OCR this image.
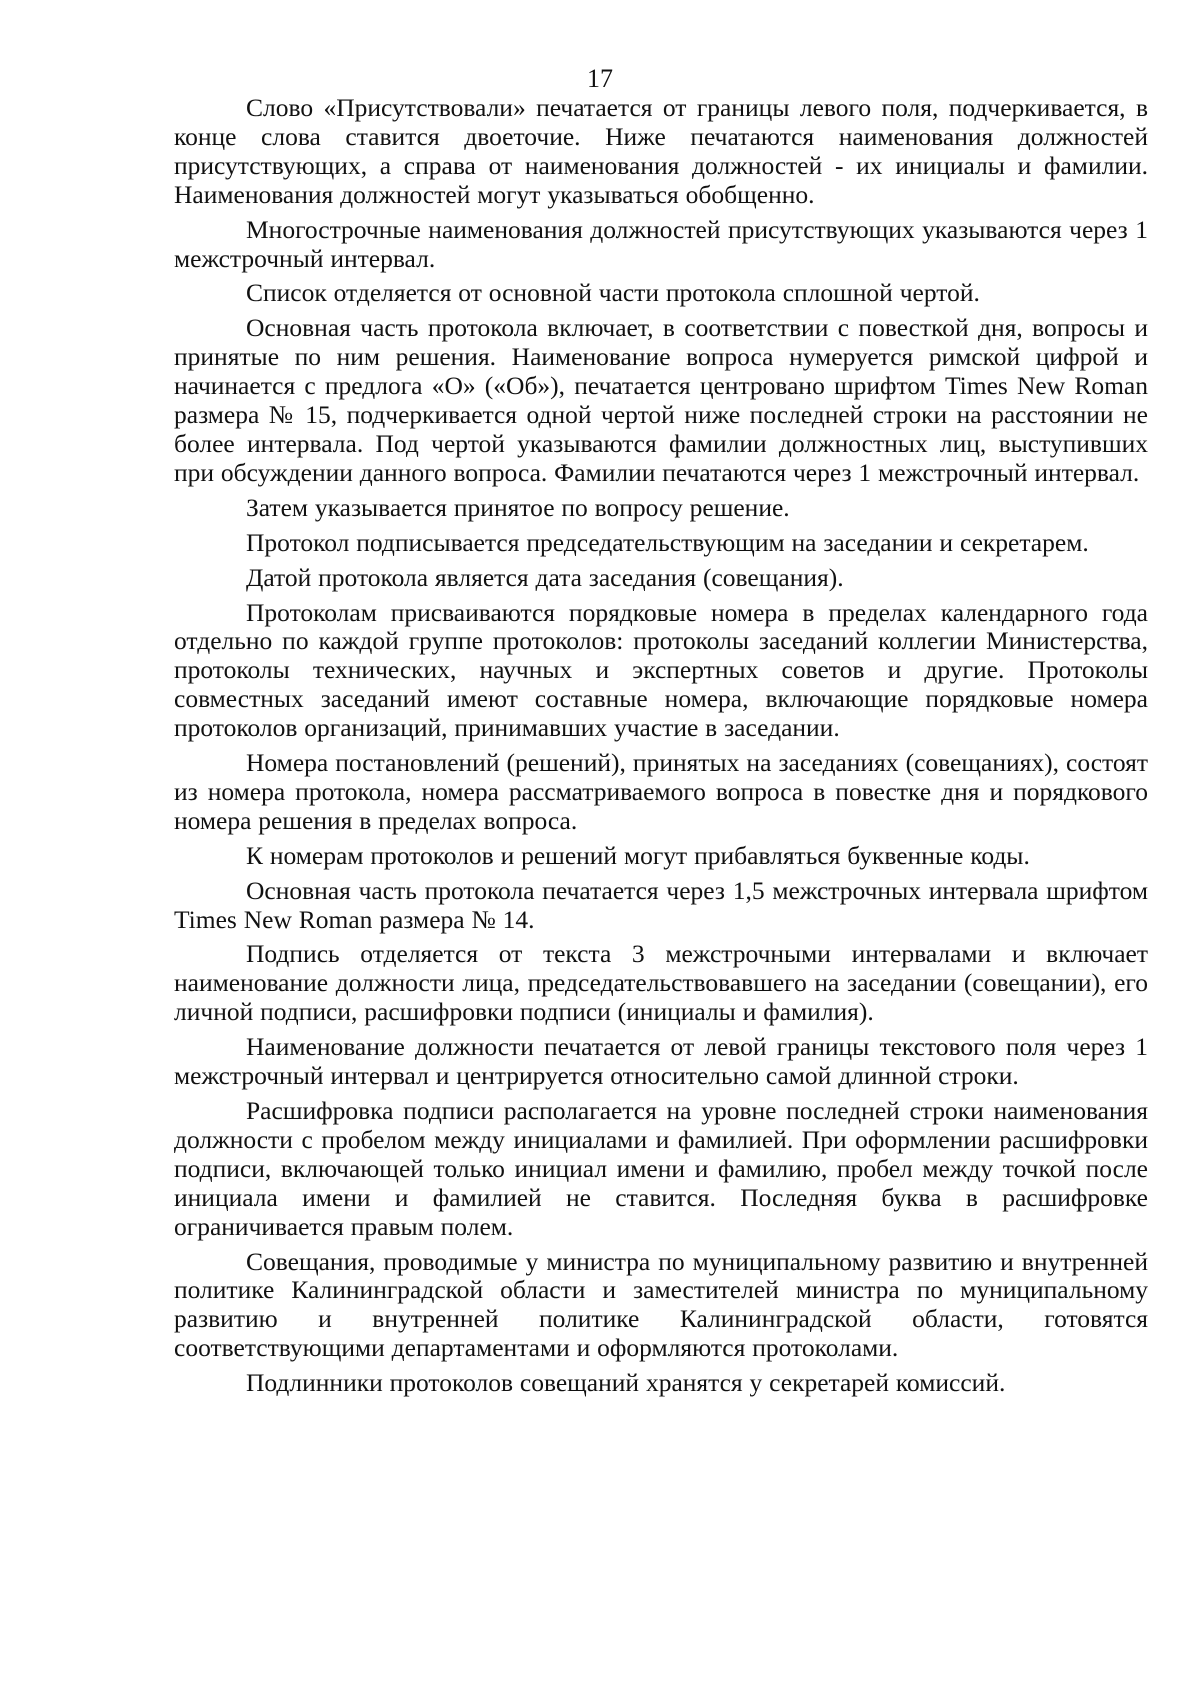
17

Слово «Присутствовали» печатается от границы левого поля, подчеркивается, в конце слова ставится двоеточие. Ниже печатаются наименования должностей присутствующих, а справа от наименования должностей - их инициалы и фамилии. Наименования должностей могут указываться обобщенно.

Многострочные наименования должностей присутствующих указываются через 1 межстрочный интервал.

Список отделяется от основной части протокола сплошной чертой.

Основная часть протокола включает, в соответствии с повесткой дня, вопросы и принятые по ним решения. Наименование вопроса нумеруется римской цифрой и начинается с предлога «О» («Об»), печатается центровано шрифтом Times New Roman размера № 15, подчеркивается одной чертой ниже последней строки на расстоянии не более интервала. Под чертой указываются фамилии должностных лиц, выступивших при обсуждении данного вопроса. Фамилии печатаются через 1 межстрочный интервал.

Затем указывается принятое по вопросу решение.

Протокол подписывается председательствующим на заседании и секретарем.

Датой протокола является дата заседания (совещания).

Протоколам присваиваются порядковые номера в пределах календарного года отдельно по каждой группе протоколов: протоколы заседаний коллегии Министерства, протоколы технических, научных и экспертных советов и другие. Протоколы совместных заседаний имеют составные номера, включающие порядковые номера протоколов организаций, принимавших участие в заседании.

Номера постановлений (решений), принятых на заседаниях (совещаниях), состоят из номера протокола, номера рассматриваемого вопроса в повестке дня и порядкового номера решения в пределах вопроса.

К номерам протоколов и решений могут прибавляться буквенные коды.

Основная часть протокола печатается через 1,5 межстрочных интервала шрифтом Times New Roman размера № 14.

Подпись отделяется от текста 3 межстрочными интервалами и включает наименование должности лица, председательствовавшего на заседании (совещании), его личной подписи, расшифровки подписи (инициалы и фамилия).

Наименование должности печатается от левой границы текстового поля через 1 межстрочный интервал и центрируется относительно самой длинной строки.

Расшифровка подписи располагается на уровне последней строки наименования должности с пробелом между инициалами и фамилией. При оформлении расшифровки подписи, включающей только инициал имени и фамилию, пробел между точкой после инициала имени и фамилией не ставится. Последняя буква в расшифровке ограничивается правым полем.

Совещания, проводимые у министра по муниципальному развитию и внутренней политике Калининградской области и заместителей министра по муниципальному развитию и внутренней политике Калининградской области, готовятся соответствующими департаментами и оформляются протоколами.

Подлинники протоколов совещаний хранятся у секретарей комиссий.
